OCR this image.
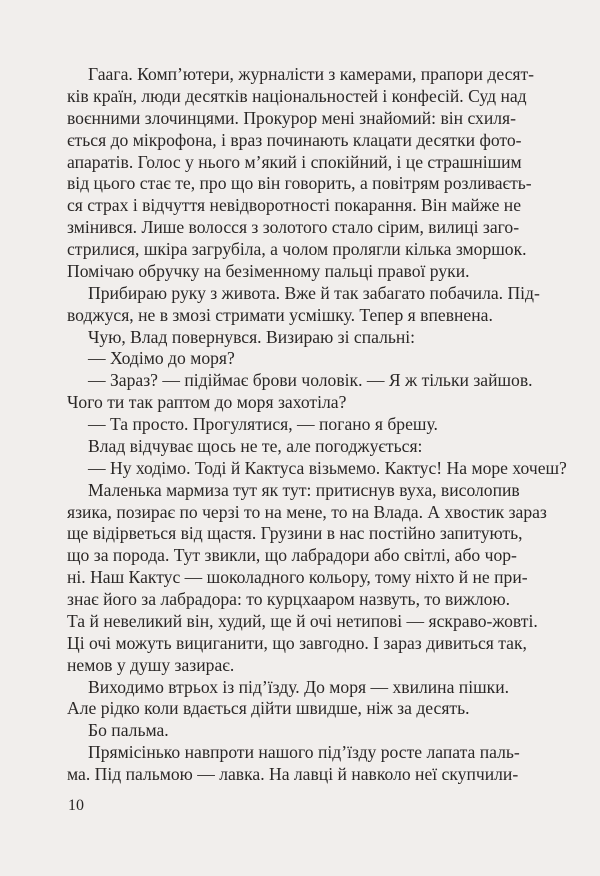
Гаага. Комп’ютери, журналісти з камерами, прапори десят-
ків країн, люди десятків національностей і конфесій. Суд над
воєнними злочинцями. Прокурор мені знайомий: він схиля-
ється до мікрофона, і враз починають клацати десятки фото-
апаратів. Голос у нього м’який і спокійний, і це страшнішим
від цього стає те, про що він говорить, а повітрям розливаєть-
ся страх і відчуття невідворотності покарання. Він майже не
змінився. Лише волосся з золотого стало сірим, вилиці заго-
стрилися, шкіра загрубіла, а чолом пролягли кілька зморшок.
Помічаю обручку на безіменному пальці правої руки.
Прибираю руку з живота. Вже й так забагато побачила. Під-
воджуся, не в змозі стримати усмішку. Тепер я впевнена.
Чую, Влад повернувся. Визираю зі спальні:
— Ходімо до моря?
— Зараз? — підіймає брови чоловік. — Я ж тільки зайшов.
Чого ти так раптом до моря захотіла?
— Та просто. Прогулятися, — погано я брешу.
Влад відчуває щось не те, але погоджується:
— Ну ходімо. Тоді й Кактуса візьмемо. Кактус! На море хочеш?
Маленька мармиза тут як тут: притиснув вуха, висолопив
язика, позирає по черзі то на мене, то на Влада. А хвостик зараз
ще відірветься від щастя. Грузини в нас постійно запитують,
що за порода. Тут звикли, що лабрадори або світлі, або чор-
ні. Наш Кактус — шоколадного кольору, тому ніхто й не при-
знає його за лабрадора: то курцхааром назвуть, то вижлою.
Та й невеликий він, худий, ще й очі нетипові — яскраво-жовті.
Ці очі можуть вициганити, що завгодно. І зараз дивиться так,
немов у душу зазирає.
Виходимо втрьох із під’їзду. До моря — хвилина пішки.
Але рідко коли вдається дійти швидше, ніж за десять.
Бо пальма.
Прямісінько навпроти нашого під’їзду росте лапата паль-
ма. Під пальмою — лавка. На лавці й навколо неї скупчили-
10
